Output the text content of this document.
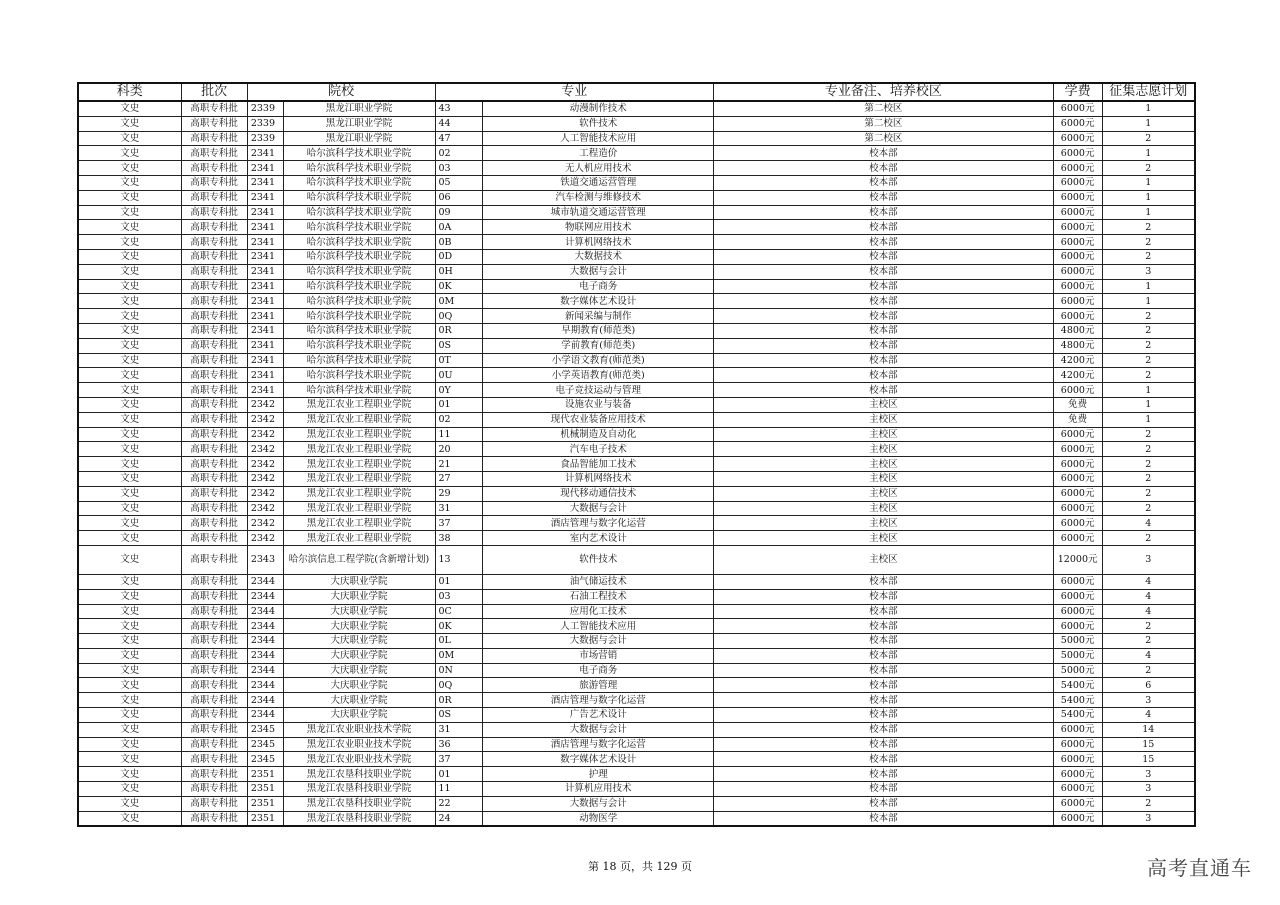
科类	批次	院校		专业		专业备注、培养校区	学费	征集志愿计划
文史	高职专科批	2339	黑龙江职业学院	43	动漫制作技术	第二校区	6000元	1
文史	高职专科批	2339	黑龙江职业学院	44	软件技术	第二校区	6000元	1
文史	高职专科批	2339	黑龙江职业学院	47	人工智能技术应用	第二校区	6000元	2
文史	高职专科批	2341	哈尔滨科学技术职业学院	02	工程造价	校本部	6000元	1
文史	高职专科批	2341	哈尔滨科学技术职业学院	03	无人机应用技术	校本部	6000元	2
文史	高职专科批	2341	哈尔滨科学技术职业学院	05	铁道交通运营管理	校本部	6000元	1
文史	高职专科批	2341	哈尔滨科学技术职业学院	06	汽车检测与维修技术	校本部	6000元	1
文史	高职专科批	2341	哈尔滨科学技术职业学院	09	城市轨道交通运营管理	校本部	6000元	1
文史	高职专科批	2341	哈尔滨科学技术职业学院	0A	物联网应用技术	校本部	6000元	2
文史	高职专科批	2341	哈尔滨科学技术职业学院	0B	计算机网络技术	校本部	6000元	2
文史	高职专科批	2341	哈尔滨科学技术职业学院	0D	大数据技术	校本部	6000元	2
文史	高职专科批	2341	哈尔滨科学技术职业学院	0H	大数据与会计	校本部	6000元	3
文史	高职专科批	2341	哈尔滨科学技术职业学院	0K	电子商务	校本部	6000元	1
文史	高职专科批	2341	哈尔滨科学技术职业学院	0M	数字媒体艺术设计	校本部	6000元	1
文史	高职专科批	2341	哈尔滨科学技术职业学院	0Q	新闻采编与制作	校本部	6000元	2
文史	高职专科批	2341	哈尔滨科学技术职业学院	0R	早期教育(师范类)	校本部	4800元	2
文史	高职专科批	2341	哈尔滨科学技术职业学院	0S	学前教育(师范类)	校本部	4800元	2
文史	高职专科批	2341	哈尔滨科学技术职业学院	0T	小学语文教育(师范类)	校本部	4200元	2
文史	高职专科批	2341	哈尔滨科学技术职业学院	0U	小学英语教育(师范类)	校本部	4200元	2
文史	高职专科批	2341	哈尔滨科学技术职业学院	0Y	电子竞技运动与管理	校本部	6000元	1
文史	高职专科批	2342	黑龙江农业工程职业学院	01	设施农业与装备	主校区	免费	1
文史	高职专科批	2342	黑龙江农业工程职业学院	02	现代农业装备应用技术	主校区	免费	1
文史	高职专科批	2342	黑龙江农业工程职业学院	11	机械制造及自动化	主校区	6000元	2
文史	高职专科批	2342	黑龙江农业工程职业学院	20	汽车电子技术	主校区	6000元	2
文史	高职专科批	2342	黑龙江农业工程职业学院	21	食品智能加工技术	主校区	6000元	2
文史	高职专科批	2342	黑龙江农业工程职业学院	27	计算机网络技术	主校区	6000元	2
文史	高职专科批	2342	黑龙江农业工程职业学院	29	现代移动通信技术	主校区	6000元	2
文史	高职专科批	2342	黑龙江农业工程职业学院	31	大数据与会计	主校区	6000元	2
文史	高职专科批	2342	黑龙江农业工程职业学院	37	酒店管理与数字化运营	主校区	6000元	4
文史	高职专科批	2342	黑龙江农业工程职业学院	38	室内艺术设计	主校区	6000元	2
文史	高职专科批	2343	哈尔滨信息工程学院(含新增计划)	13	软件技术	主校区	12000元	3
文史	高职专科批	2344	大庆职业学院	01	油气储运技术	校本部	6000元	4
文史	高职专科批	2344	大庆职业学院	03	石油工程技术	校本部	6000元	4
文史	高职专科批	2344	大庆职业学院	0C	应用化工技术	校本部	6000元	4
文史	高职专科批	2344	大庆职业学院	0K	人工智能技术应用	校本部	6000元	2
文史	高职专科批	2344	大庆职业学院	0L	大数据与会计	校本部	5000元	2
文史	高职专科批	2344	大庆职业学院	0M	市场营销	校本部	5000元	4
文史	高职专科批	2344	大庆职业学院	0N	电子商务	校本部	5000元	2
文史	高职专科批	2344	大庆职业学院	0Q	旅游管理	校本部	5400元	6
文史	高职专科批	2344	大庆职业学院	0R	酒店管理与数字化运营	校本部	5400元	3
文史	高职专科批	2344	大庆职业学院	0S	广告艺术设计	校本部	5400元	4
文史	高职专科批	2345	黑龙江农业职业技术学院	31	大数据与会计	校本部	6000元	14
文史	高职专科批	2345	黑龙江农业职业技术学院	36	酒店管理与数字化运营	校本部	6000元	15
文史	高职专科批	2345	黑龙江农业职业技术学院	37	数字媒体艺术设计	校本部	6000元	15
文史	高职专科批	2351	黑龙江农垦科技职业学院	01	护理	校本部	6000元	3
文史	高职专科批	2351	黑龙江农垦科技职业学院	11	计算机应用技术	校本部	6000元	3
文史	高职专科批	2351	黑龙江农垦科技职业学院	22	大数据与会计	校本部	6000元	2
文史	高职专科批	2351	黑龙江农垦科技职业学院	24	动物医学	校本部	6000元	3
第 18 页，共 129 页	高考直通车
